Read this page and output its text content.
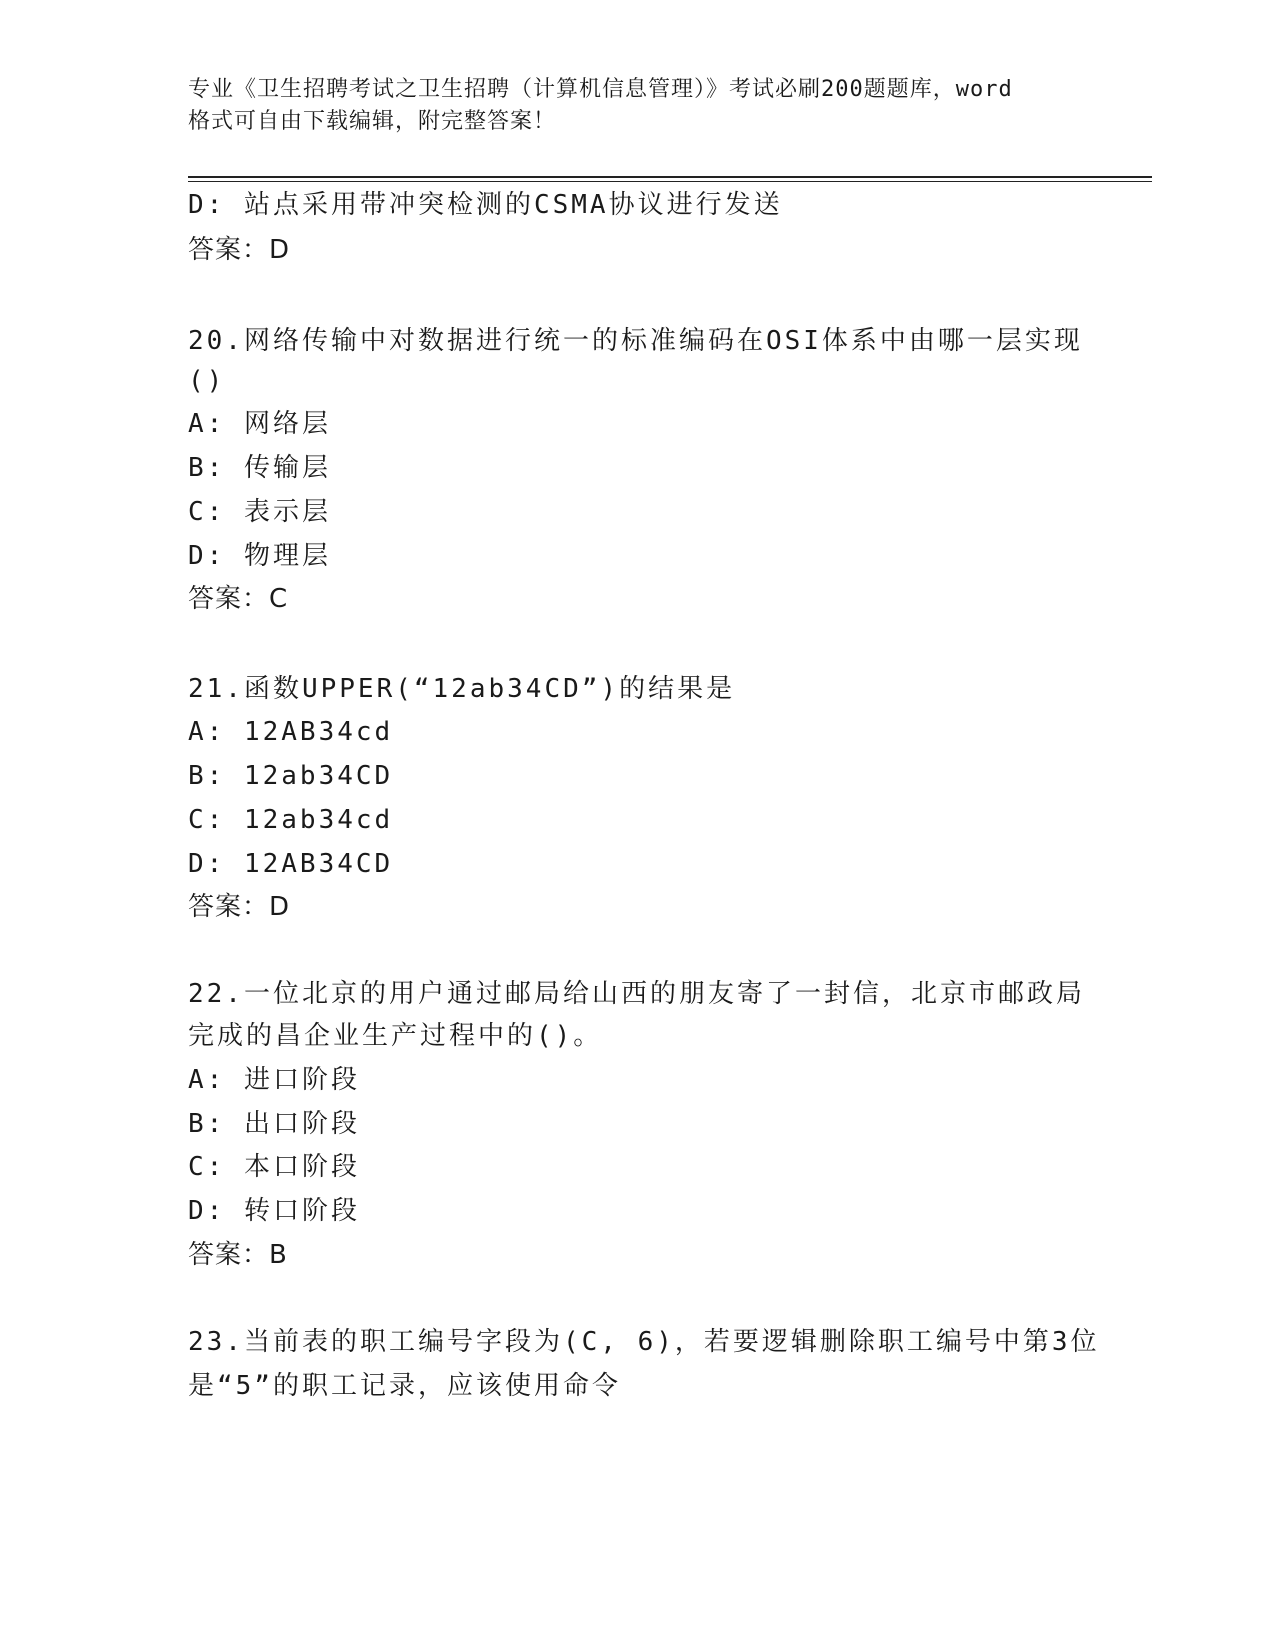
专业《卫生招聘考试之卫生招聘（计算机信息管理）》考试必刷200题题库，word
格式可自由下载编辑，附完整答案！
D: 站点采用带冲突检测的CSMA协议进行发送
答案：D
20.网络传输中对数据进行统一的标准编码在OSI体系中由哪一层实现
()
A: 网络层
B: 传输层
C: 表示层
D: 物理层
答案：C
21.函数UPPER(“12ab34CD”)的结果是
A: 12AB34cd
B: 12ab34CD
C: 12ab34cd
D: 12AB34CD
答案：D
22.一位北京的用户通过邮局给山西的朋友寄了一封信，北京市邮政局
完成的昌企业生产过程中的()。
A: 进口阶段
B: 出口阶段
C: 本口阶段
D: 转口阶段
答案：B
23.当前表的职工编号字段为(C, 6)，若要逻辑删除职工编号中第3位
是“5”的职工记录，应该使用命令
